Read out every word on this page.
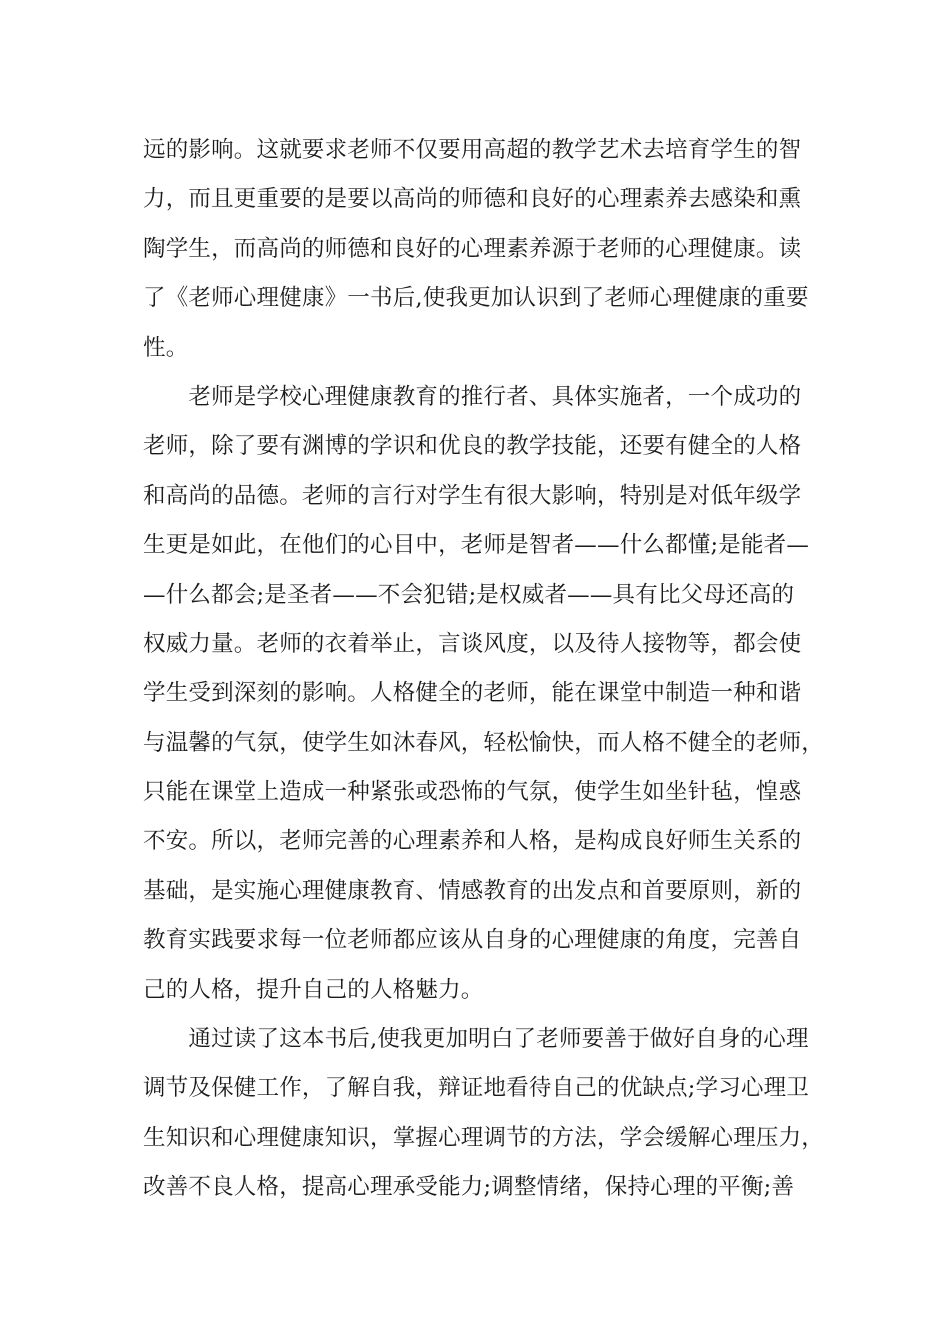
远的影响。这就要求老师不仅要用高超的教学艺术去培育学生的智
力，而且更重要的是要以高尚的师德和良好的心理素养去感染和熏
陶学生，而高尚的师德和良好的心理素养源于老师的心理健康。读
了《老师心理健康》一书后,使我更加认识到了老师心理健康的重要
性。

　　老师是学校心理健康教育的推行者、具体实施者，一个成功的
老师，除了要有渊博的学识和优良的教学技能，还要有健全的人格
和高尚的品德。老师的言行对学生有很大影响，特别是对低年级学
生更是如此，在他们的心目中，老师是智者——什么都懂;是能者—
—什么都会;是圣者——不会犯错;是权威者——具有比父母还高的
权威力量。老师的衣着举止，言谈风度，以及待人接物等，都会使
学生受到深刻的影响。人格健全的老师，能在课堂中制造一种和谐
与温馨的气氛，使学生如沐春风，轻松愉快，而人格不健全的老师，
只能在课堂上造成一种紧张或恐怖的气氛，使学生如坐针毡，惶惑
不安。所以，老师完善的心理素养和人格，是构成良好师生关系的
基础，是实施心理健康教育、情感教育的出发点和首要原则，新的
教育实践要求每一位老师都应该从自身的心理健康的角度，完善自
己的人格，提升自己的人格魅力。

　　通过读了这本书后,使我更加明白了老师要善于做好自身的心理
调节及保健工作，了解自我，辩证地看待自己的优缺点;学习心理卫
生知识和心理健康知识，掌握心理调节的方法，学会缓解心理压力，
改善不良人格，提高心理承受能力;调整情绪，保持心理的平衡;善
